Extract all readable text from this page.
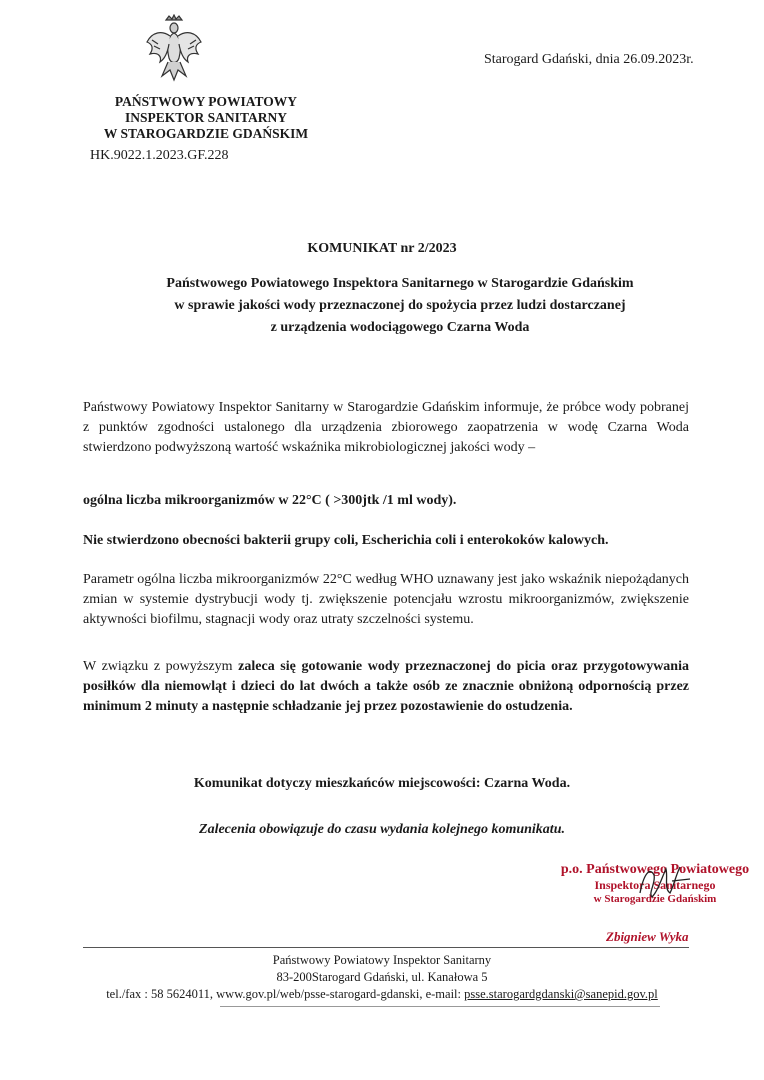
Starogard Gdański, dnia 26.09.2023r.
PAŃSTWOWY POWIATOWY
INSPEKTOR SANITARNY
W STAROGARDZIE GDAŃSKIM
HK.9022.1.2023.GF.228
KOMUNIKAT nr 2/2023
Państwowego Powiatowego Inspektora Sanitarnego w Starogardzie Gdańskim
w sprawie jakości wody przeznaczonej do spożycia przez ludzi dostarczanej
z urządzenia wodociągowego Czarna Woda
Państwowy Powiatowy Inspektor Sanitarny w Starogardzie Gdańskim informuje, że próbce wody pobranej z punktów zgodności ustalonego dla urządzenia zbiorowego zaopatrzenia w wodę Czarna Woda stwierdzono podwyższoną wartość wskaźnika mikrobiologicznej jakości wody –
ogólna liczba mikroorganizmów w 22°C ( >300jtk /1 ml wody).
Nie stwierdzono obecności bakterii grupy coli, Escherichia coli i enterokoków kalowych.
Parametr ogólna liczba mikroorganizmów 22°C według WHO uznawany jest jako wskaźnik niepożądanych zmian w systemie dystrybucji wody tj. zwiększenie potencjału wzrostu mikroorganizmów, zwiększenie aktywności biofilmu, stagnacji wody oraz utraty szczelności systemu.
W związku z powyższym zaleca się gotowanie wody przeznaczonej do picia oraz przygotowywania posiłków dla niemowląt i dzieci do lat dwóch a także osób ze znacznie obniżoną odpornością przez minimum 2 minuty a następnie schładzanie jej przez pozostawienie do ostudzenia.
Komunikat dotyczy mieszkańców miejscowości: Czarna Woda.
Zalecenia obowiązuje do czasu wydania kolejnego komunikatu.
p.o. Państwowego Powiatowego
Inspektora Sanitarnego
w Starogardzie Gdańskim
Zbigniew Wyka
Państwowy Powiatowy Inspektor Sanitarny
83-200Starogard Gdański, ul. Kanałowa 5
tel./fax : 58 5624011, www.gov.pl/web/psse-starogard-gdanski, e-mail: psse.starogardgdanski@sanepid.gov.pl
